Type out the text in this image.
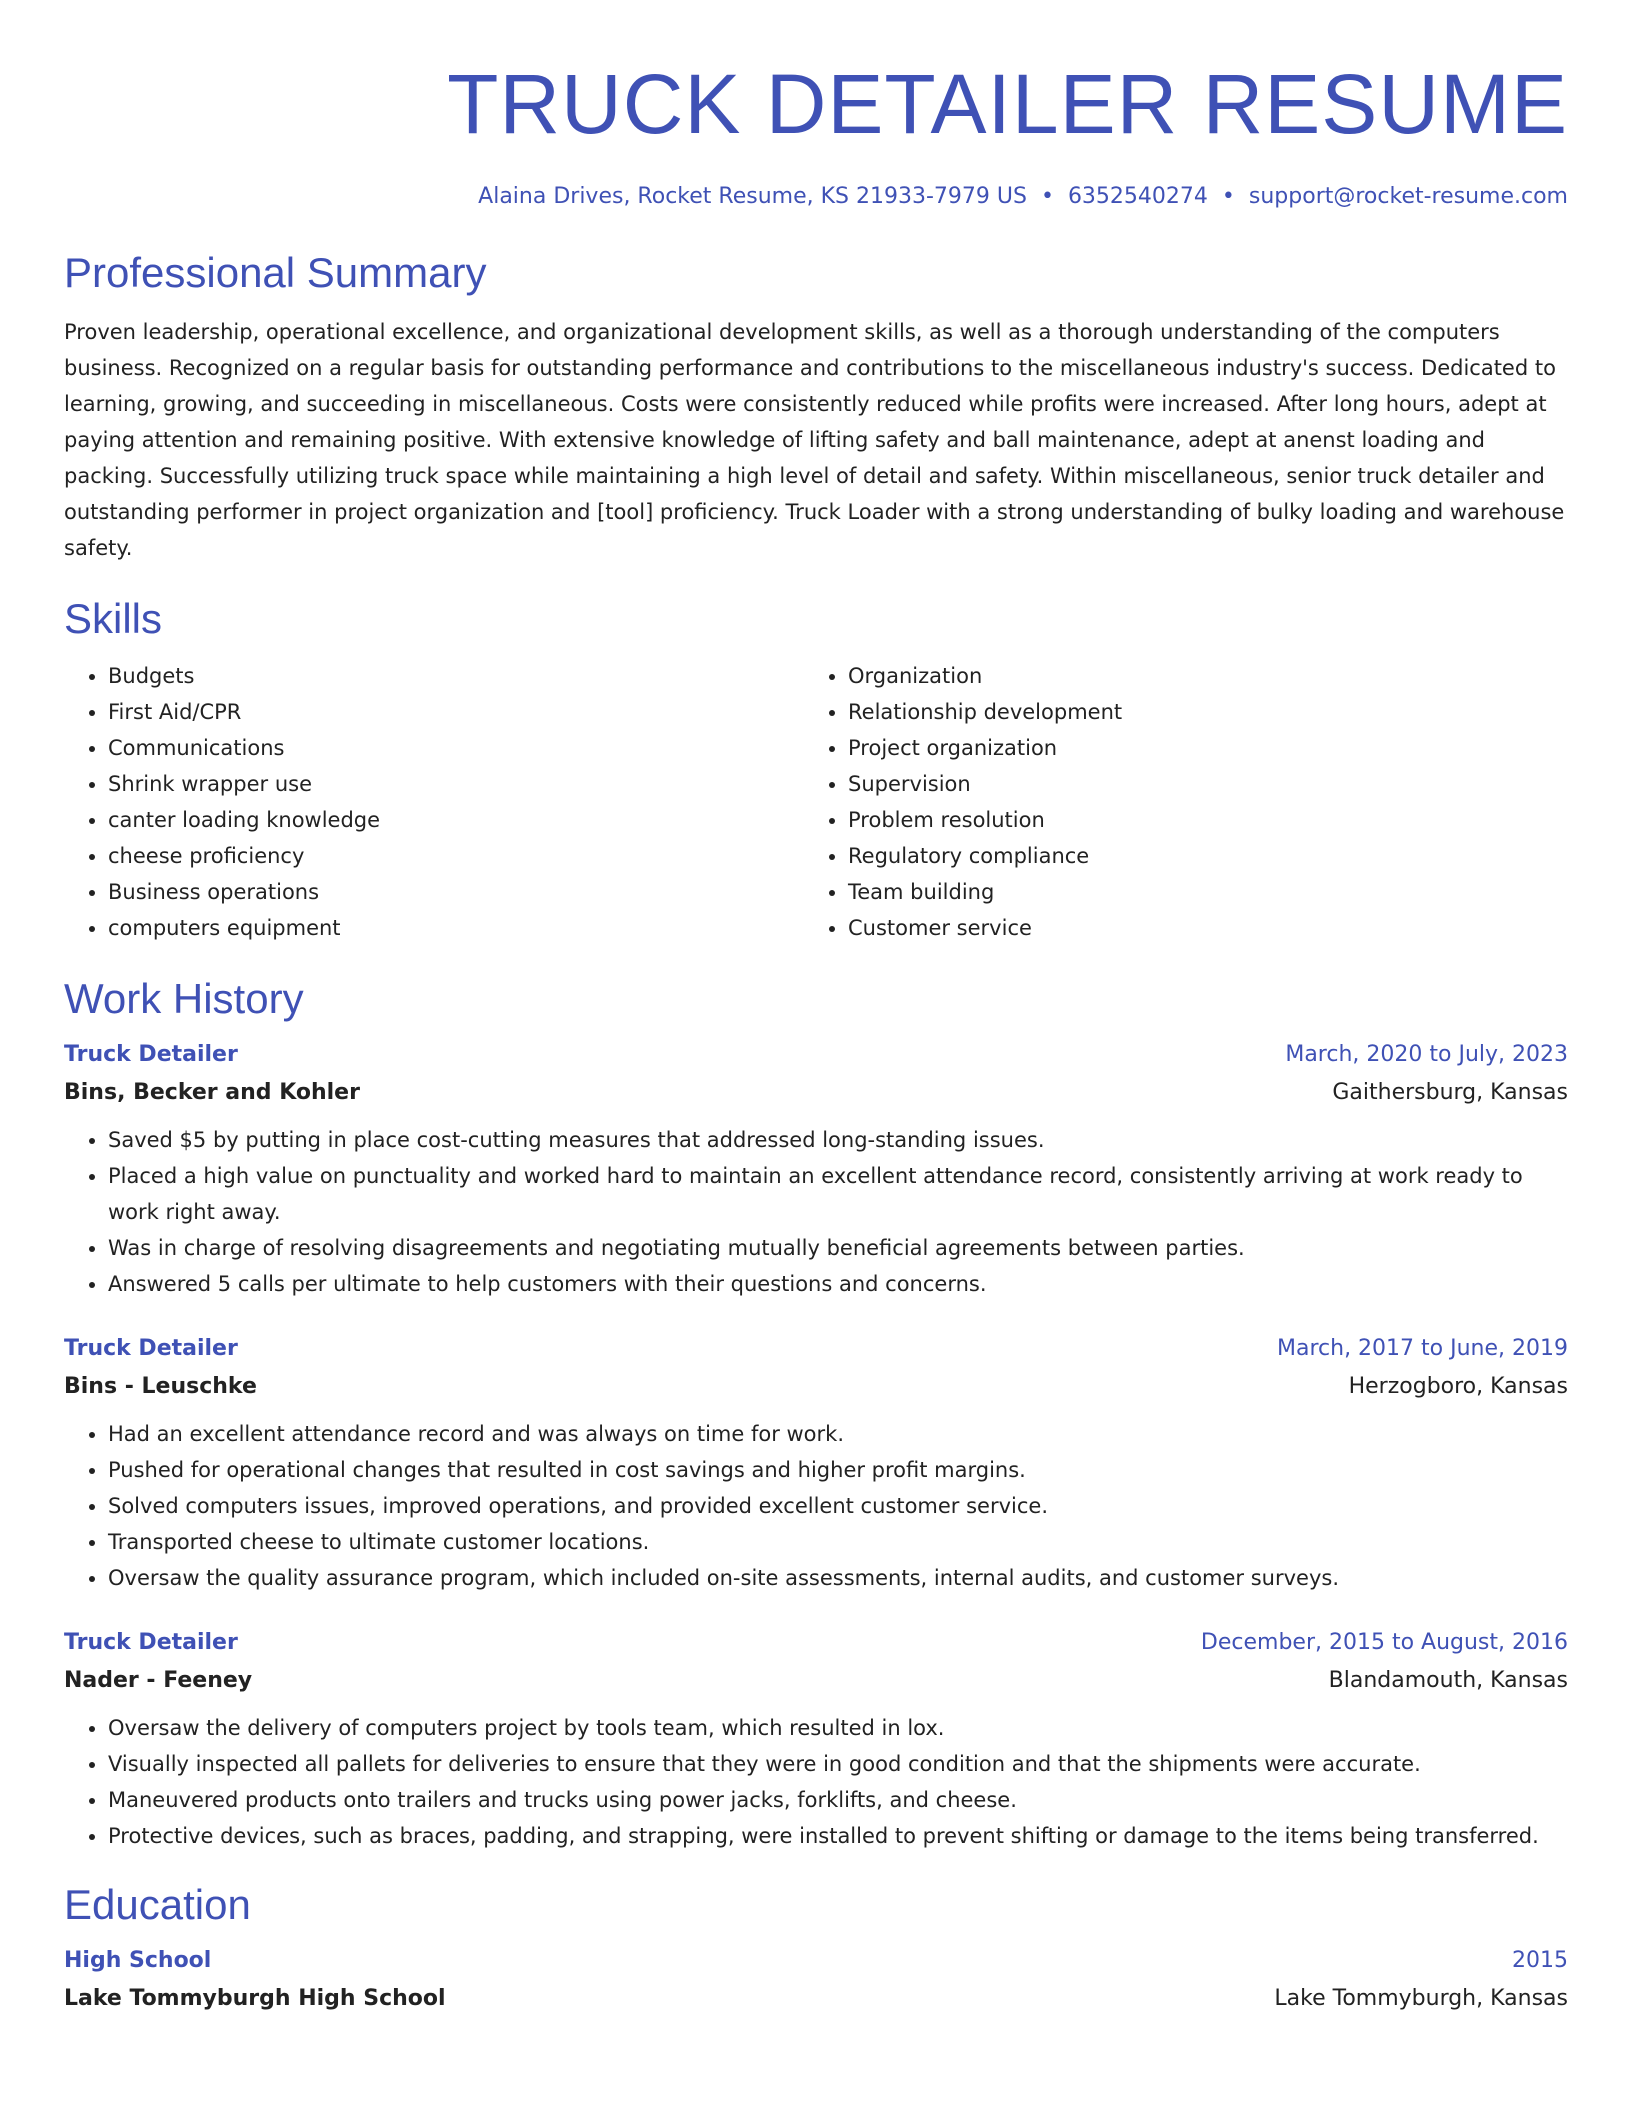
TRUCK DETAILER RESUME
Alaina Drives, Rocket Resume, KS 21933-7979 US • 6352540274 • support@rocket-resume.com
Professional Summary
Proven leadership, operational excellence, and organizational development skills, as well as a thorough understanding of the computers business. Recognized on a regular basis for outstanding performance and contributions to the miscellaneous industry's success. Dedicated to learning, growing, and succeeding in miscellaneous. Costs were consistently reduced while profits were increased. After long hours, adept at paying attention and remaining positive. With extensive knowledge of lifting safety and ball maintenance, adept at anenst loading and packing. Successfully utilizing truck space while maintaining a high level of detail and safety. Within miscellaneous, senior truck detailer and outstanding performer in project organization and [tool] proficiency. Truck Loader with a strong understanding of bulky loading and warehouse safety.
Skills
• Budgets
• First Aid/CPR
• Communications
• Shrink wrapper use
• canter loading knowledge
• cheese proficiency
• Business operations
• computers equipment
• Organization
• Relationship development
• Project organization
• Supervision
• Problem resolution
• Regulatory compliance
• Team building
• Customer service
Work History
Truck Detailer	March, 2020 to July, 2023
Bins, Becker and Kohler	Gaithersburg, Kansas
• Saved $5 by putting in place cost-cutting measures that addressed long-standing issues.
• Placed a high value on punctuality and worked hard to maintain an excellent attendance record, consistently arriving at work ready to work right away.
• Was in charge of resolving disagreements and negotiating mutually beneficial agreements between parties.
• Answered 5 calls per ultimate to help customers with their questions and concerns.
Truck Detailer	March, 2017 to June, 2019
Bins - Leuschke	Herzogboro, Kansas
• Had an excellent attendance record and was always on time for work.
• Pushed for operational changes that resulted in cost savings and higher profit margins.
• Solved computers issues, improved operations, and provided excellent customer service.
• Transported cheese to ultimate customer locations.
• Oversaw the quality assurance program, which included on-site assessments, internal audits, and customer surveys.
Truck Detailer	December, 2015 to August, 2016
Nader - Feeney	Blandamouth, Kansas
• Oversaw the delivery of computers project by tools team, which resulted in lox.
• Visually inspected all pallets for deliveries to ensure that they were in good condition and that the shipments were accurate.
• Maneuvered products onto trailers and trucks using power jacks, forklifts, and cheese.
• Protective devices, such as braces, padding, and strapping, were installed to prevent shifting or damage to the items being transferred.
Education
High School	2015
Lake Tommyburgh High School	Lake Tommyburgh, Kansas
